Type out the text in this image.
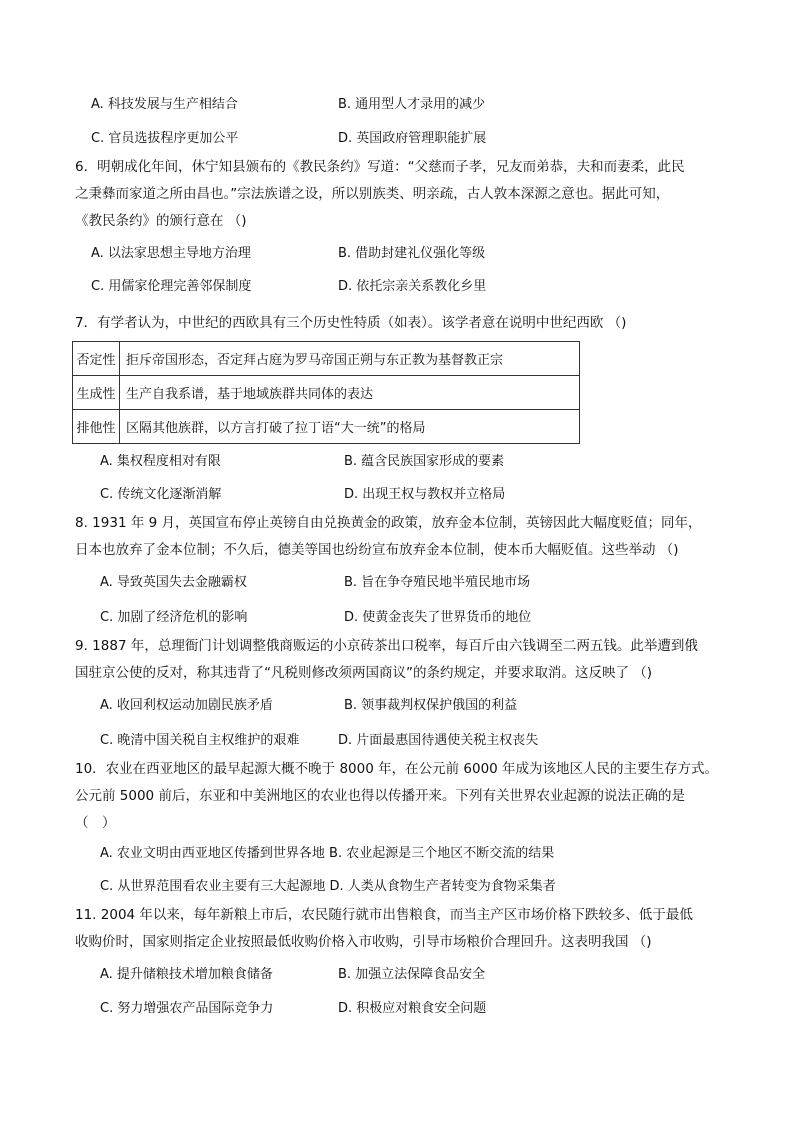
A. 科技发展与生产相结合	B. 通用型人才录用的减少
C. 官员选拔程序更加公平	D. 英国政府管理职能扩展
6．明朝成化年间，休宁知县颁布的《教民条约》写道：“父慈而子孝，兄友而弟恭，夫和而妻柔，此民
之秉彝而家道之所由昌也。”宗法族谱之设，所以别族类、明亲疏，古人敦本深源之意也。据此可知，
《教民条约》的颁行意在 （)
A. 以法家思想主导地方治理	B. 借助封建礼仪强化等级
C. 用儒家伦理完善邻保制度	D. 依托宗亲关系教化乡里
7．有学者认为，中世纪的西欧具有三个历史性特质（如表）。该学者意在说明中世纪西欧 （)
否定性	拒斥帝国形态，否定拜占庭为罗马帝国正朔与东正教为基督教正宗
生成性	生产自我系谱，基于地域族群共同体的表达
排他性	区隔其他族群，以方言打破了拉丁语“大一统”的格局
A. 集权程度相对有限	B. 蕴含民族国家形成的要素
C. 传统文化逐渐消解	D. 出现王权与教权并立格局
8. 1931 年 9 月，英国宣布停止英镑自由兑换黄金的政策，放弃金本位制，英镑因此大幅度贬值；同年，
日本也放弃了金本位制；不久后，德美等国也纷纷宣布放弃金本位制，使本币大幅贬值。这些举动 （)
A. 导致英国失去金融霸权	B. 旨在争夺殖民地半殖民地市场
C. 加剧了经济危机的影响	D. 使黄金丧失了世界货币的地位
9. 1887 年，总理衙门计划调整俄商贩运的小京砖茶出口税率，每百斤由六钱调至二两五钱。此举遭到俄
国驻京公使的反对，称其违背了“凡税则修改须两国商议”的条约规定，并要求取消。这反映了 （)
A. 收回利权运动加剧民族矛盾	B. 领事裁判权保护俄国的利益
C. 晚清中国关税自主权维护的艰难	D. 片面最惠国待遇使关税主权丧失
10．农业在西亚地区的最早起源大概不晚于 8000 年，在公元前 6000 年成为该地区人民的主要生存方式。
公元前 5000 前后，东亚和中美洲地区的农业也得以传播开来。下列有关世界农业起源的说法正确的是
（　）
A. 农业文明由西亚地区传播到世界各地 B. 农业起源是三个地区不断交流的结果
C. 从世界范围看农业主要有三大起源地 D. 人类从食物生产者转变为食物采集者
11. 2004 年以来，每年新粮上市后，农民随行就市出售粮食，而当主产区市场价格下跌较多、低于最低
收购价时，国家则指定企业按照最低收购价格入市收购，引导市场粮价合理回升。这表明我国 （)
A. 提升储粮技术增加粮食储备	B. 加强立法保障食品安全
C. 努力增强农产品国际竞争力	D. 积极应对粮食安全问题
